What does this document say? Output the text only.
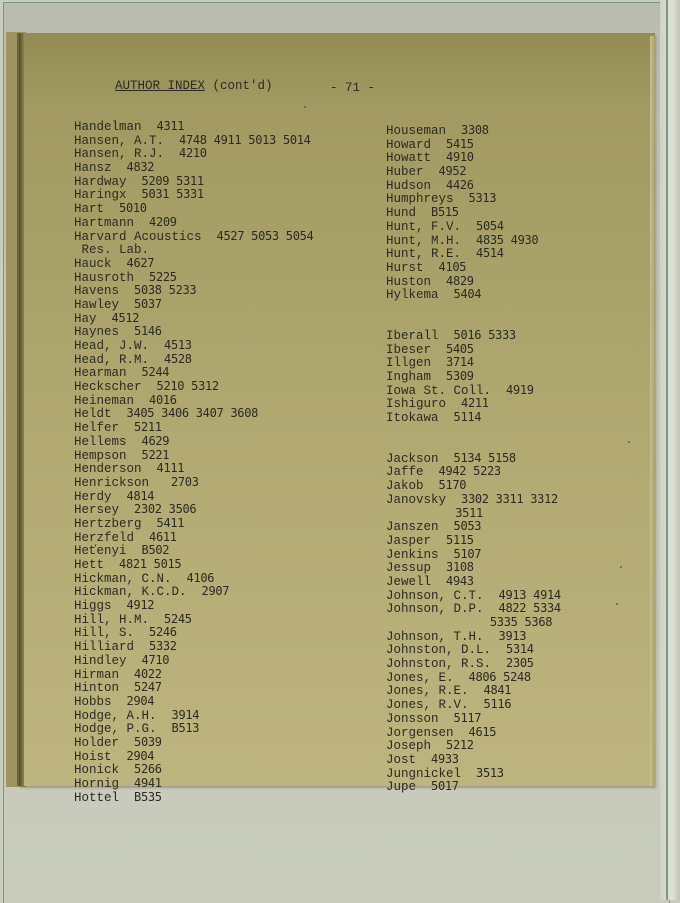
AUTHOR INDEX (cont'd)	- 71 -
Handelman  4311
Hansen, A.T.  4748 4911 5013 5014
Hansen, R.J.  4210
Hansz  4832
Hardway  5209 5311
Haringx  5031 5331
Hart  5010
Hartmann  4209
Harvard Acoustics  4527 5053 5054
Res. Lab.
Hauck  4627
Hausroth  5225
Havens  5038 5233
Hawley  5037
Hay  4512
Haynes  5146
Head, J.W.  4513
Head, R.M.  4528
Hearman  5244
Heckscher  5210 5312
Heineman  4016
Heldt  3405 3406 3407 3608
Helfer  5211
Hellems  4629
Hempson  5221
Henderson  4111
Henrickson   2703
Herdy  4814
Hersey  2302 3506
Hertzberg  5411
Herzfeld  4611
Heťenyi  B502
Hett  4821 5015
Hickman, C.N.  4106
Hickman, K.C.D.  2907
Higgs  4912
Hill, H.M.  5245
Hill, S.  5246
Hilliard  5332
Hindley  4710
Hirman  4022
Hinton  5247
Hobbs  2904
Hodge, A.H.  3914
Hodge, P.G.  B513
Holder  5039
Hoist  2904
Honick  5266
Hornig  4941
Hottel  B535
Houseman  3308
Howard  5415
Howatt  4910
Huber  4952
Hudson  4426
Humphreys  5313
Hund  B515
Hunt, F.V.  5054
Hunt, M.H.  4835 4930
Hunt, R.E.  4514
Hurst  4105
Huston  4829
Hylkema  5404
Iberall  5016 5333
Ibeser  5405
Illgen  3714
Ingham  5309
Iowa St. Coll.  4919
Ishiguro  4211
Itokawa  5114
Jackson  5134 5158
Jaffe  4942 5223
Jakob  5170
Janovsky  3302 3311 3312
3511
Janszen  5053
Jasper  5115
Jenkins  5107
Jessup  3108
Jewell  4943
Johnson, C.T.  4913 4914
Johnson, D.P.  4822 5334
5335 5368
Johnson, T.H.  3913
Johnston, D.L.  5314
Johnston, R.S.  2305
Jones, E.  4806 5248
Jones, R.E.  4841
Jones, R.V.  5116
Jonsson  5117
Jorgensen  4615
Joseph  5212
Jost  4933
Jungnickel  3513
Jupe  5017
